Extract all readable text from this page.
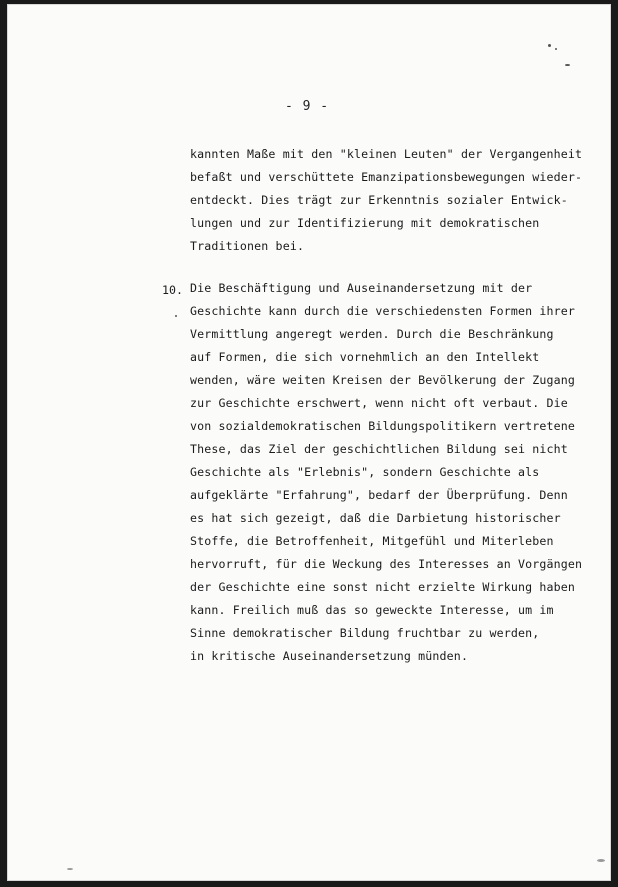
- 9 -
kannten Maße mit den "kleinen Leuten" der Vergangenheit
befaßt und verschüttete Emanzipationsbewegungen wieder-
entdeckt. Dies trägt zur Erkenntnis sozialer Entwick-
lungen und zur Identifizierung mit demokratischen
Traditionen bei.
10. Die Beschäftigung und Auseinandersetzung mit der
Geschichte kann durch die verschiedensten Formen ihrer
Vermittlung angeregt werden. Durch die Beschränkung
auf Formen, die sich vornehmlich an den Intellekt
wenden, wäre weiten Kreisen der Bevölkerung der Zugang
zur Geschichte erschwert, wenn nicht oft verbaut. Die
von sozialdemokratischen Bildungspolitikern vertretene
These, das Ziel der geschichtlichen Bildung sei nicht
Geschichte als "Erlebnis", sondern Geschichte als
aufgeklärte "Erfahrung", bedarf der Überprüfung. Denn
es hat sich gezeigt, daß die Darbietung historischer
Stoffe, die Betroffenheit, Mitgefühl und Miterleben
hervorruft, für die Weckung des Interesses an Vorgängen
der Geschichte eine sonst nicht erzielte Wirkung haben
kann. Freilich muß das so geweckte Interesse, um im
Sinne demokratischer Bildung fruchtbar zu werden,
in kritische Auseinandersetzung münden.
